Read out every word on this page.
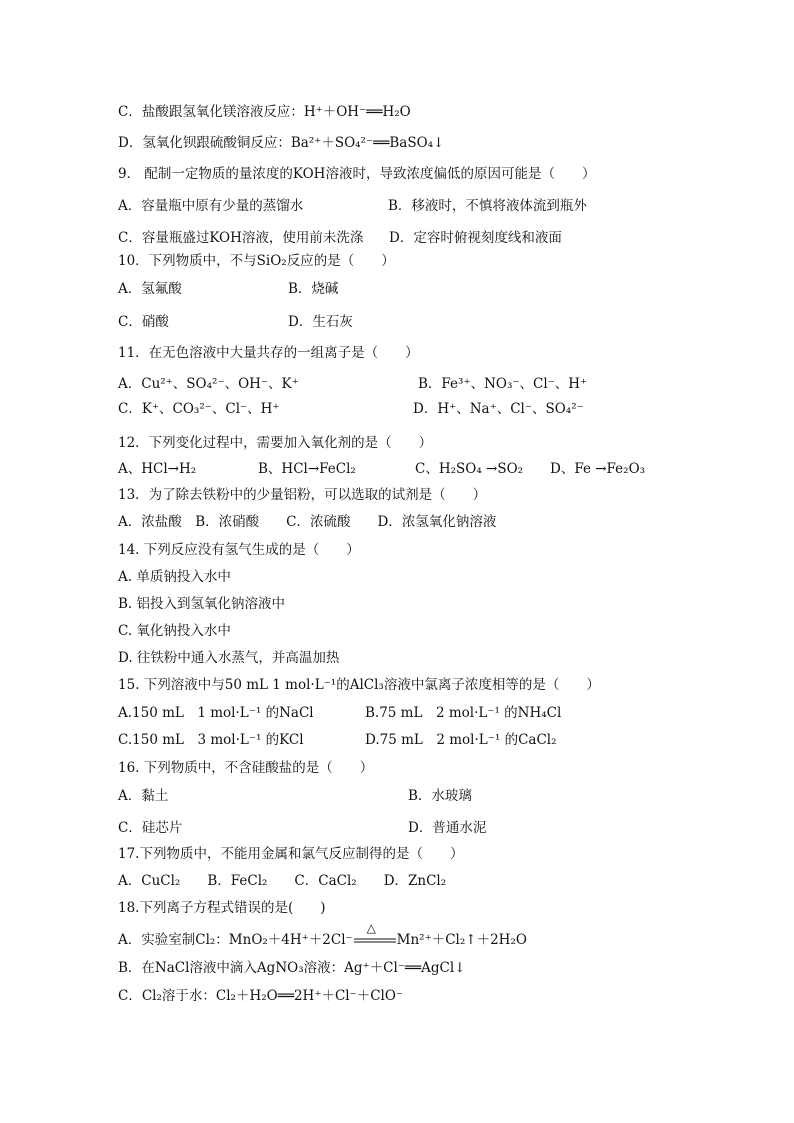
C．盐酸跟氢氧化镁溶液反应：H⁺＋OH⁻══H₂O
D．氢氧化钡跟硫酸铜反应：Ba²⁺＋SO₄²⁻══BaSO₄↓
9． 配制一定物质的量浓度的KOH溶液时，导致浓度偏低的原因可能是（　　）
A．容量瓶中原有少量的蒸馏水	B．移液时，不慎将液体流到瓶外
C．容量瓶盛过KOH溶液，使用前未洗涤 D．定容时俯视刻度线和液面
10．下列物质中，不与SiO₂反应的是（　　）
A．氢氟酸	B．烧碱
C．硝酸	D．生石灰
11．在无色溶液中大量共存的一组离子是（　　）
A．Cu²⁺、SO₄²⁻、OH⁻、K⁺	B．Fe³⁺、NO₃⁻、Cl⁻、H⁺
C．K⁺、CO₃²⁻、Cl⁻、H⁺	D．H⁺、Na⁺、Cl⁻、SO₄²⁻
12．下列变化过程中，需要加入氧化剂的是（　　）
A、HCl→H₂	B、HCl→FeCl₂	C、H₂SO₄ →SO₂ D、Fe →Fe₂O₃
13．为了除去铁粉中的少量铝粉，可以选取的试剂是（　　）
A．浓盐酸　B．浓硝酸　　C．浓硫酸　　D．浓氢氧化钠溶液
14. 下列反应没有氢气生成的是（　　）
A. 单质钠投入水中
B. 铝投入到氢氧化钠溶液中
C. 氧化钠投入水中
D. 往铁粉中通入水蒸气，并高温加热
15. 下列溶液中与50 mL 1 mol·L⁻¹的AlCl₃溶液中氯离子浓度相等的是（　　）
A.150 mL　1 mol·L⁻¹ 的NaCl	B.75 mL　2 mol·L⁻¹ 的NH₄Cl
C.150 mL　3 mol·L⁻¹ 的KCl	D.75 mL　2 mol·L⁻¹ 的CaCl₂
16. 下列物质中，不含硅酸盐的是（　　）
A．黏土	B．水玻璃
C．硅芯片	D．普通水泥
17.下列物质中，不能用金属和氯气反应制得的是（　　）
A．CuCl₂　　B．FeCl₂　　C．CaCl₂　　D．ZnCl₂
18.下列离子方程式错误的是(　　)
A．实验室制Cl₂：MnO₂＋4H⁺＋2Cl⁻
△
Mn²⁺＋Cl₂↑＋2H₂O
B．在NaCl溶液中滴入AgNO₃溶液：Ag⁺＋Cl⁻══AgCl↓
C．Cl₂溶于水：Cl₂＋H₂O══2H⁺＋Cl⁻＋ClO⁻
